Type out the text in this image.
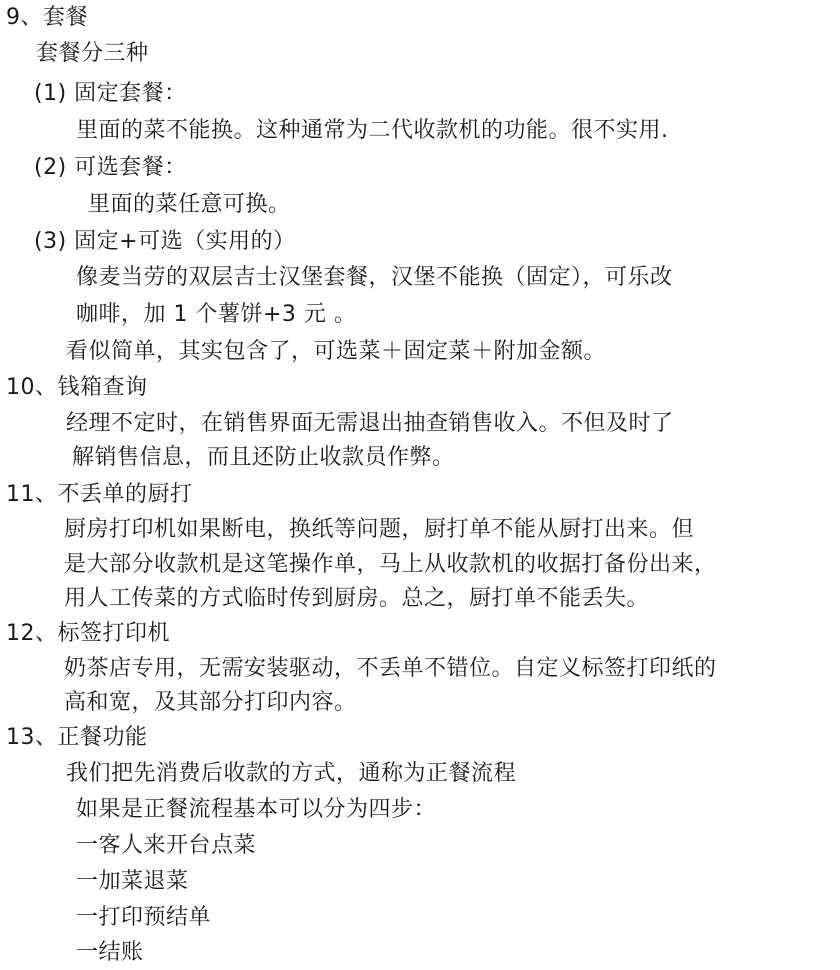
9、套餐
套餐分三种
(1) 固定套餐：
里面的菜不能换。这种通常为二代收款机的功能。很不实用.
(2) 可选套餐：
里面的菜任意可换。
(3) 固定+可选（实用的）
像麦当劳的双层吉士汉堡套餐，汉堡不能换（固定），可乐改
咖啡，加 1 个薯饼+3 元 。
看似简单，其实包含了，可选菜＋固定菜＋附加金额。
10、钱箱查询
经理不定时，在销售界面无需退出抽查销售收入。不但及时了
解销售信息，而且还防止收款员作弊。
11、不丢单的厨打
厨房打印机如果断电，换纸等问题，厨打单不能从厨打出来。但
是大部分收款机是这笔操作单，马上从收款机的收据打备份出来，
用人工传菜的方式临时传到厨房。总之，厨打单不能丢失。
12、标签打印机
奶茶店专用，无需安装驱动，不丢单不错位。自定义标签打印纸的
高和宽，及其部分打印内容。
13、正餐功能
我们把先消费后收款的方式，通称为正餐流程
如果是正餐流程基本可以分为四步：
一客人来开台点菜
一加菜退菜
一打印预结单
一结账
